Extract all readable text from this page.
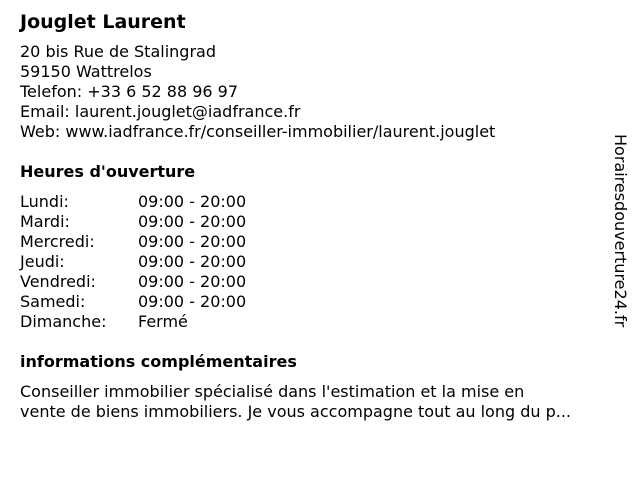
Jouglet Laurent
20 bis Rue de Stalingrad
59150 Wattrelos
Telefon: +33 6 52 88 96 97
Email: laurent.jouglet@iadfrance.fr
Web: www.iadfrance.fr/conseiller-immobilier/laurent.jouglet
Heures d'ouverture
Lundi:	09:00 - 20:00
Mardi:	09:00 - 20:00
Mercredi:	09:00 - 20:00
Jeudi:	09:00 - 20:00
Vendredi:	09:00 - 20:00
Samedi:	09:00 - 20:00
Dimanche:	Fermé
informations complémentaires
Conseiller immobilier spécialisé dans l'estimation et la mise en
vente de biens immobiliers. Je vous accompagne tout au long du p...
Horairesdouverture24.fr
